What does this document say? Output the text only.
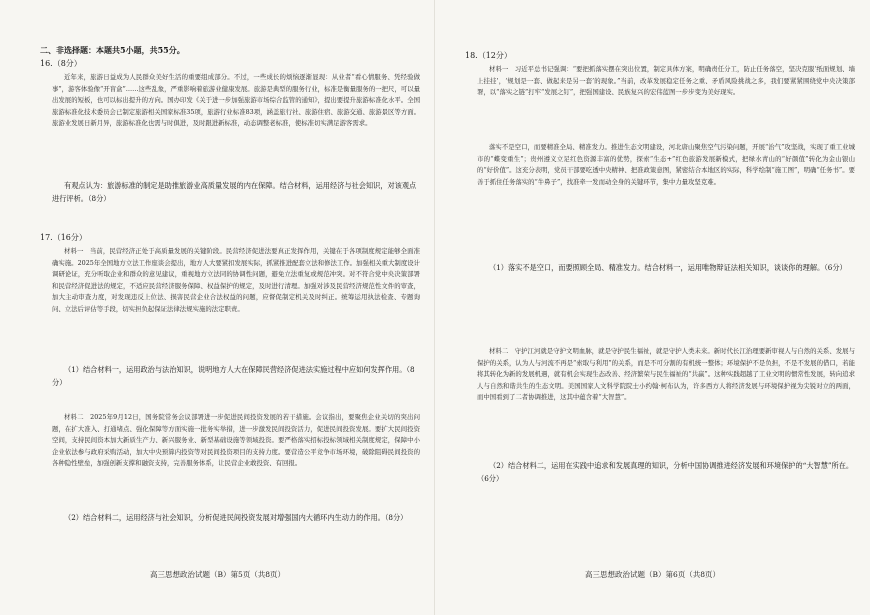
二、非选择题：本题共5小题，共55分。
16.（8分）
近年来，旅游日益成为人民群众美好生活的重要组成部分。不过，一些成长的烦恼逐渐显现：从业者“看心情服务、凭经验做事”，游客体验像“开盲盒”……这些乱象，严重影响着旅游业健康发展。旅游是典型的服务行业，标准是衡量服务的一把尺，可以量出发展的短板，也可以标出提升的方向。国办印发《关于进一步加强旅游市场综合监管的通知》，提出要提升旅游标准化水平。全国旅游标准化技术委员会已制定旅游相关国家标准35项，旅游行业标准83项，涵盖旅行社、旅游住宿、旅游交通、旅游景区等方面。旅游业发展日新月异，旅游标准化也需与时俱进，及时跟进新标准，动态调整老标准，使标准切实满足游客需求。
有观点认为：旅游标准的制定是助推旅游业高质量发展的内在保障。结合材料，运用经济与社会知识，对该观点进行评析。（8分）
17.（16分）
材料一　当前，民营经济正处于高质量发展的关键阶段。民营经济促进法要真正发挥作用，关键在于各项制度规定能够全面准确实施。2025年全国地方立法工作座谈会提出，地方人大要紧扣发展实际，抓紧推进配套立法和修法工作。加强相关重大制度设计调研论证，充分听取企业和群众的意见建议，重视地方立法同的协调性问题，避免立法重复或规范冲突。对不符合党中央决策部署和民营经济促进法的规定，不适应民营经济服务保障、权益保护的规定，及时进行清理。加强对涉及民营经济规范性文件的审查，加大主动审查力度，对发现违反上位法、损害民营企业合法权益的问题，应督促制定机关及时纠正。统筹运用执法检查、专题询问、立法后评估等手段，切实担负起保证法律法规实施的法定职责。
（1）结合材料一，运用政治与法治知识，说明地方人大在保障民营经济促进法实施过程中应如何发挥作用。（8分）
材料二　2025年9月12日，国务院常务会议部署进一步促进民间投资发展的若干措施。会议指出，要聚焦企业关切的突出问题，在扩大准入、打通堵点、强化保障等方面实施一批务实举措，进一步激发民间投资活力，促进民间投资发展。要扩大民间投资空间，支持民间资本加大新质生产力、新兴服务业、新型基础设施等领域投资。要严格落实招标投标领域相关制度规定，保障中小企业依法参与政府采购活动，加大中央预算内投资等对民间投资项目的支持力度。要营造公平竞争市场环境，破除阻碍民间投资的各种隐性壁垒，加强创新支撑和融资支持，完善服务体系，让民营企业敢投资、有回报。
（2）结合材料二，运用经济与社会知识，分析促进民间投资发展对增强国内大循环内生动力的作用。（8分）
高三思想政治试题（B）第5页（共8页）
18.（12分）
材料一　习近平总书记强调：“要把抓落实摆在突出位置，制定具体方案，明确责任分工，防止任务落空，坚决克服‘纸面规划、墙上挂挂’，‘规划是一套、做起来是另一套’的现象。”当前，改革发展稳定任务之重、矛盾风险挑战之多，我们要紧紧围绕党中央决策部署，以“落实之链”打牢“发展之钉”，把强国建设、民族复兴的宏伟蓝图一步步变为美好现实。
落实不是空口，而要精准全局、精准发力。推进生态文明建设，河北唐山聚焦空气污染问题，开展“治气”攻坚战，实现了重工业城市的“蝶变重生”；贵州遵义立足红色资源丰富的优势，探索“生态+”红色旅游发展新模式，把绿水青山的“好颜值”转化为金山银山的“好价值”。这充分表明，党员干部要吃透中央精神、把准政策意图，紧密结合本地区的实际，科学绘制“施工图”，明确“任务书”。要善于抓住任务落实的“牛鼻子”，找准牵一发而动全身的关键环节，集中力量攻坚克难。
（1）落实不是空口，而要照顾全局、精准发力。结合材料一，运用唯物辩证法相关知识，谈谈你的理解。（6分）
材料二　守护江河就是守护文明血脉，就是守护民生福祉，就是守护人类未来。新时代长江治理要新审视人与自然的关系、发展与保护的关系，认为人与河流不再是“索取与利用”的关系，而是不可分割的有机统一整体；环境保护不是负担，不是不发展的借口，若能将其转化为新的发展机遇，就有机会实现生态改善、经济繁荣与民生福祉的“共赢”。这种实践超越了工业文明的惯常性发展，转向追求人与自然和谐共生的生态文明。美国国家人文科学院院士小约翰·柯布认为，许多西方人将经济发展与环境保护视为尖锐对立的两面，而中国看到了二者协调推进，这其中蕴含着“大智慧”。
（2）结合材料二，运用在实践中追求和发展真理的知识，分析中国协调推进经济发展和环境保护的“大智慧”所在。（6分）
高三思想政治试题（B）第6页（共8页）
